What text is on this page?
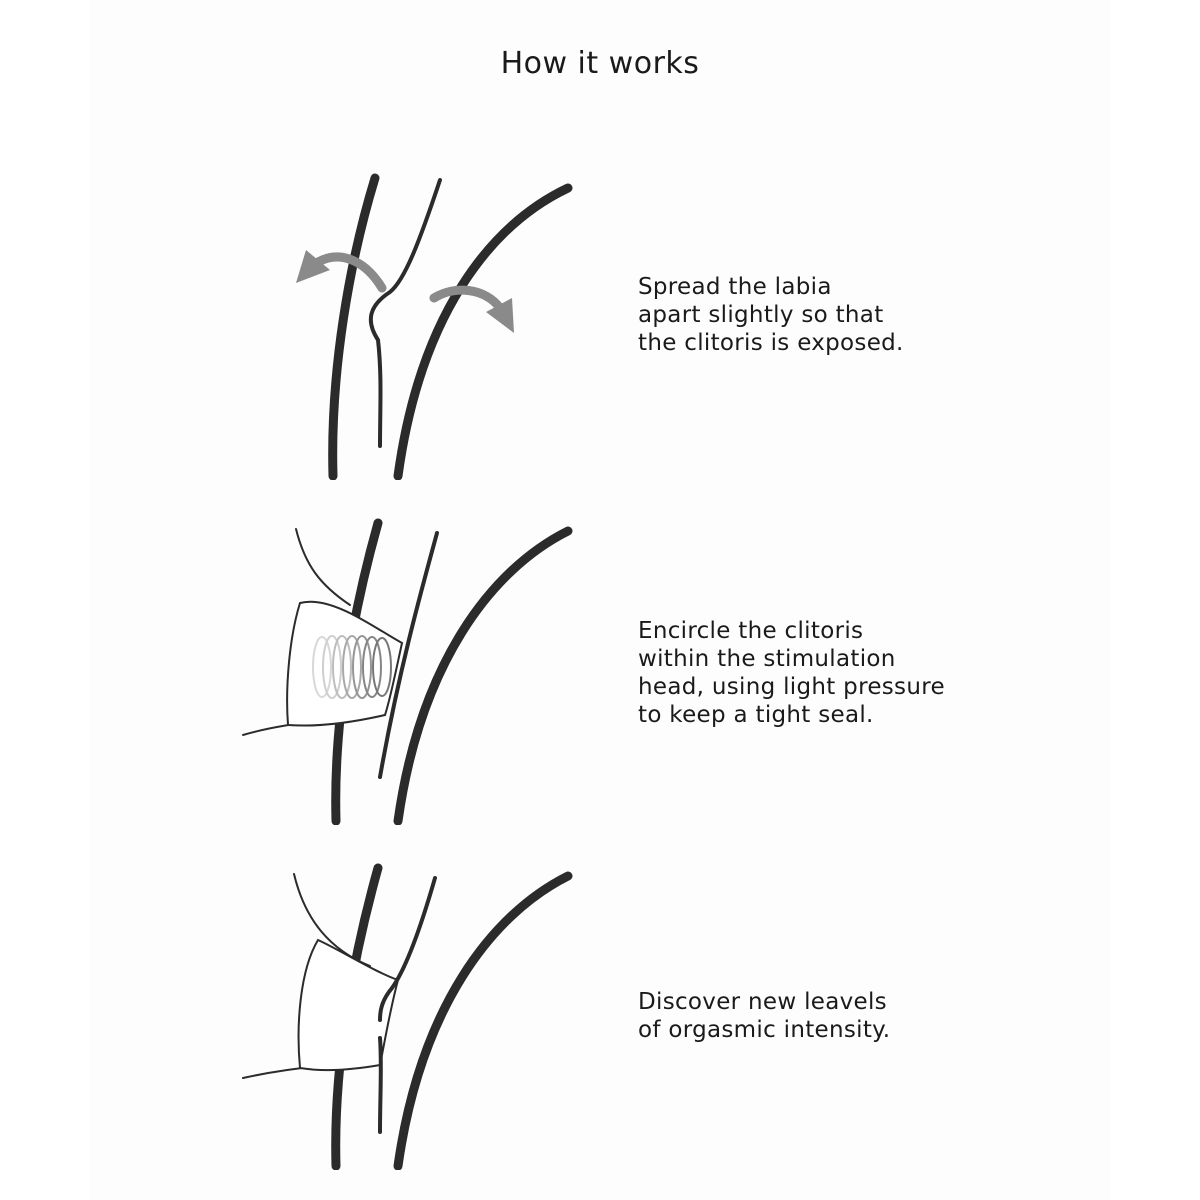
How it works
Spread the labia
apart slightly so that
the clitoris is exposed.
Encircle the clitoris
within the stimulation
head, using light pressure
to keep a tight seal.
Discover new leavels
of orgasmic intensity.
